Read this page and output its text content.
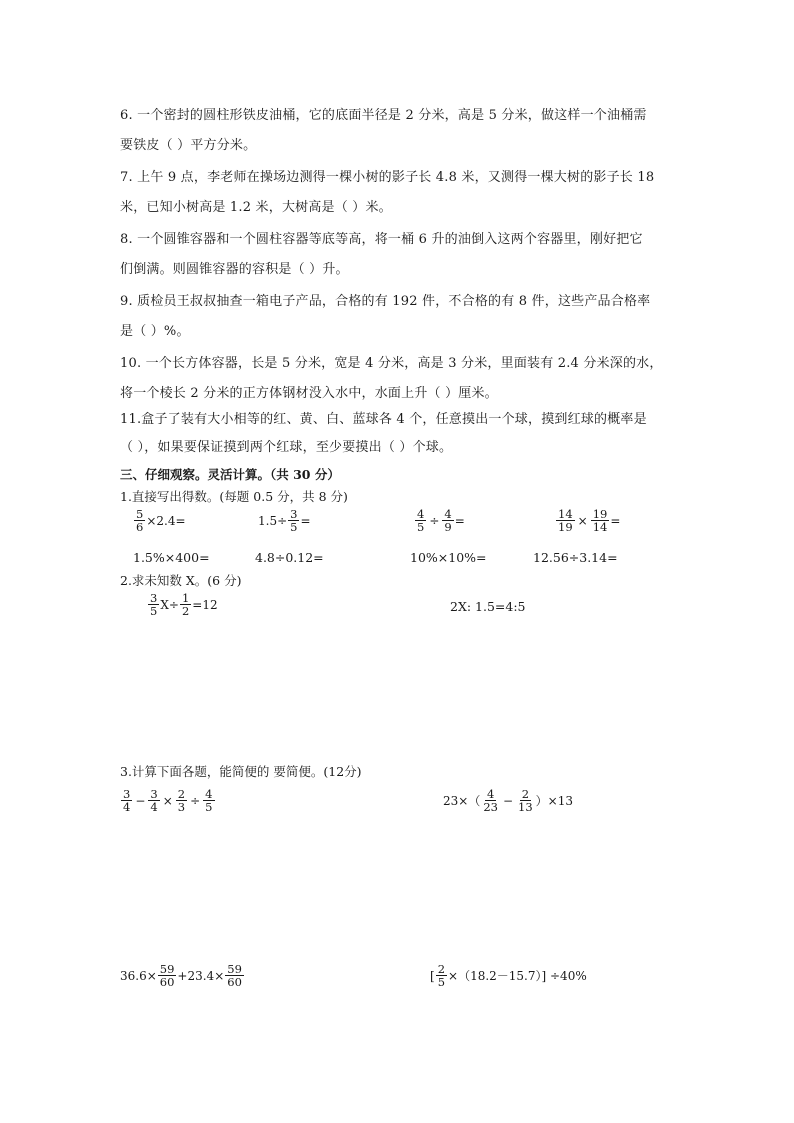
6. 一个密封的圆柱形铁皮油桶，它的底面半径是 2 分米，高是 5 分米，做这样一个油桶需
要铁皮（ ）平方分米。
7. 上午 9 点，李老师在操场边测得一棵小树的影子长 4.8 米，又测得一棵大树的影子长 18
米，已知小树高是 1.2 米，大树高是（ ）米。
8. 一个圆锥容器和一个圆柱容器等底等高，将一桶 6 升的油倒入这两个容器里，刚好把它
们倒满。则圆锥容器的容积是（ ）升。
9. 质检员王叔叔抽查一箱电子产品，合格的有 192 件，不合格的有 8 件，这些产品合格率
是（ ）%。
10. 一个长方体容器，长是 5 分米，宽是 4 分米，高是 3 分米，里面装有 2.4 分米深的水，
将一个棱长 2 分米的正方体钢材没入水中，水面上升（ ）厘米。
11.盒子了装有大小相等的红、黄、白、蓝球各 4 个，任意摸出一个球，摸到红球的概率是
（ ），如果要保证摸到两个红球，至少要摸出（ ）个球。
三、仔细观察。灵活计算。（共 30 分）
1.直接写出得数。(每题 0.5 分，共 8 分)
$\frac{5}{6} \times 2.4=$	$1.5\div \frac{3}{5}$ =	$\frac{4}{5} \div \frac{4}{9}$ =	$\frac{14}{19} \times \frac{19}{14}$ =
1.5%×400=	4.8÷0.12=	10%×10%=	12.56÷3.14=
2.求未知数 X。(6 分)
$\frac{3}{5} X\div \frac{1}{2} =12$	2X: 1.5=4:5
3.计算下面各题，能简便的 要简便。(12分)
$\frac{3}{4} - \frac{3}{4} \times \frac{2}{3} \div \frac{4}{5}$	$23\times( \frac{4}{23} - \frac{2}{13} )\times 13$
$36.6\times \frac{59}{60} +23.4\times \frac{59}{60}$	[ $\frac{2}{5} \times(18.2-15.7)] \div 40\%$
